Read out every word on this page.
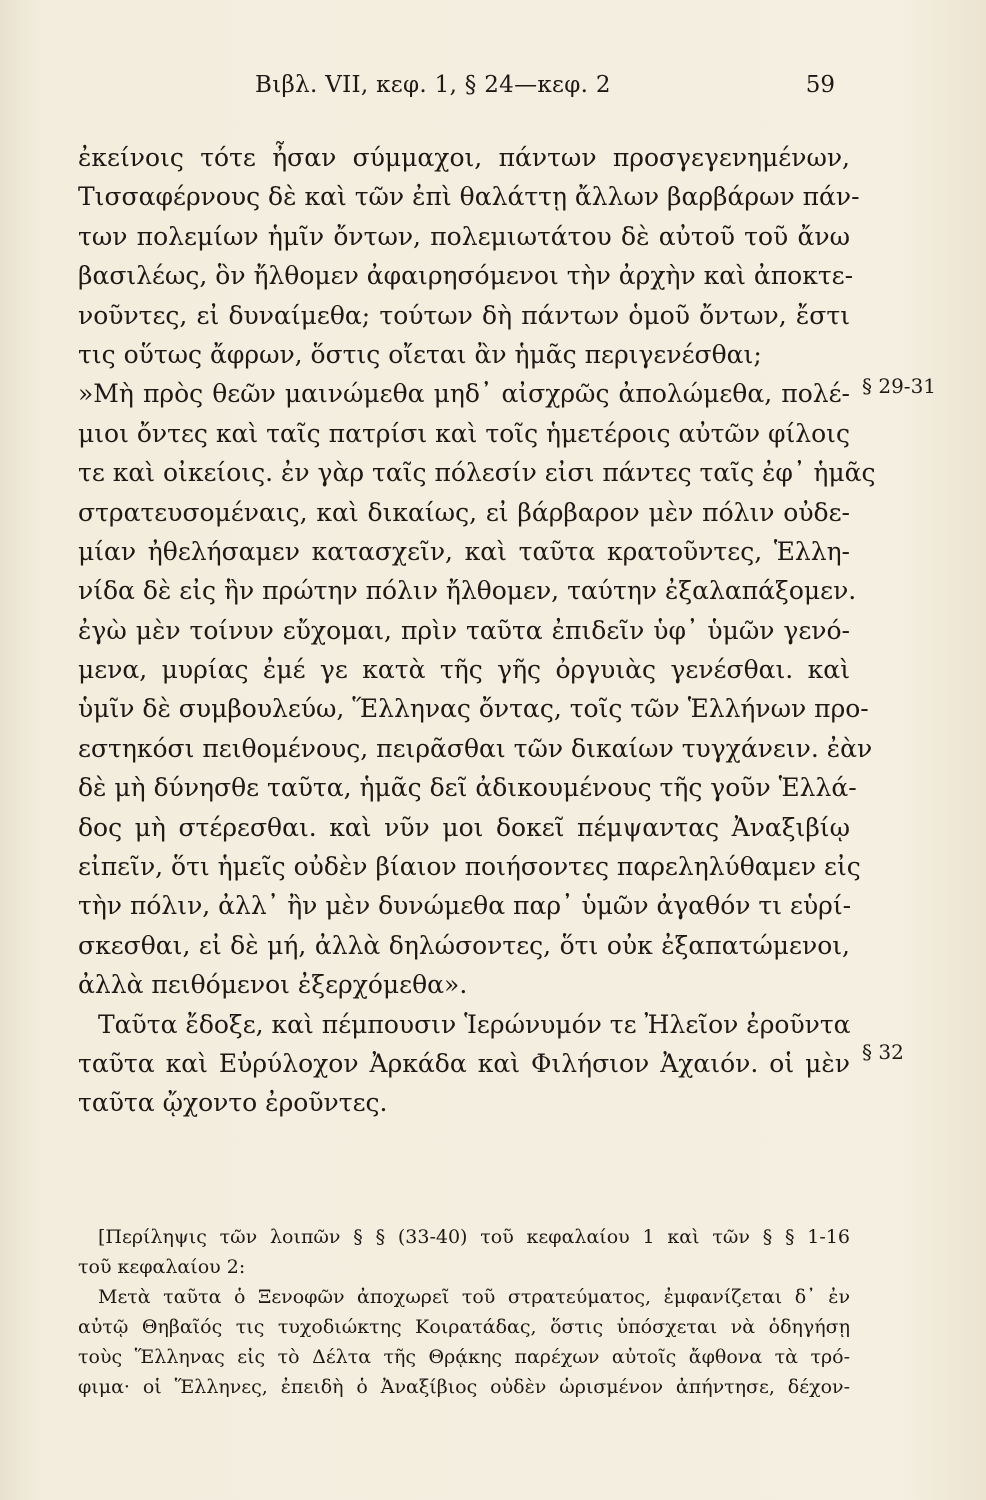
Βιβλ. VII, κεφ. 1, § 24—κεφ. 2	59
ἐκείνοις τότε ἦσαν σύμμαχοι, πάντων προσγεγενημένων,
Τισσαφέρνους δὲ καὶ τῶν ἐπὶ θαλάττῃ ἄλλων βαρβάρων πάν-
των πολεμίων ἡμῖν ὄντων, πολεμιωτάτου δὲ αὐτοῦ τοῦ ἄνω
βασιλέως, ὃν ἤλθομεν ἀφαιρησόμενοι τὴν ἀρχὴν καὶ ἀποκτε-
νοῦντες, εἰ δυναίμεθα; τούτων δὴ πάντων ὁμοῦ ὄντων, ἔστι
τις οὕτως ἄφρων, ὅστις οἴεται ἂν ἡμᾶς περιγενέσθαι;
»Μὴ πρὸς θεῶν μαινώμεθα μηδ᾽ αἰσχρῶς ἀπολώμεθα, πολέ-
μιοι ὄντες καὶ ταῖς πατρίσι καὶ τοῖς ἡμετέροις αὐτῶν φίλοις
τε καὶ οἰκείοις. ἐν γὰρ ταῖς πόλεσίν εἰσι πάντες ταῖς ἐφ᾽ ἡμᾶς
στρατευσομέναις, καὶ δικαίως, εἰ βάρβαρον μὲν πόλιν οὐδε-
μίαν ἠθελήσαμεν κατασχεῖν, καὶ ταῦτα κρατοῦντες, Ἑλλη-
νίδα δὲ εἰς ἣν πρώτην πόλιν ἤλθομεν, ταύτην ἐξαλαπάξομεν.
ἐγὼ μὲν τοίνυν εὔχομαι, πρὶν ταῦτα ἐπιδεῖν ὑφ᾽ ὑμῶν γενό-
μενα, μυρίας ἐμέ γε κατὰ τῆς γῆς ὀργυιὰς γενέσθαι. καὶ
ὑμῖν δὲ συμβουλεύω, Ἕλληνας ὄντας, τοῖς τῶν Ἑλλήνων προ-
εστηκόσι πειθομένους, πειρᾶσθαι τῶν δικαίων τυγχάνειν. ἐὰν
δὲ μὴ δύνησθε ταῦτα, ἡμᾶς δεῖ ἀδικουμένους τῆς γοῦν Ἑλλά-
δος μὴ στέρεσθαι. καὶ νῦν μοι δοκεῖ πέμψαντας Ἀναξιβίῳ
εἰπεῖν, ὅτι ἡμεῖς οὐδὲν βίαιον ποιήσοντες παρεληλύθαμεν εἰς
τὴν πόλιν, ἀλλ᾽ ἢν μὲν δυνώμεθα παρ᾽ ὑμῶν ἀγαθόν τι εὑρί-
σκεσθαι, εἰ δὲ μή, ἀλλὰ δηλώσοντες, ὅτι οὐκ ἐξαπατώμενοι,
ἀλλὰ πειθόμενοι ἐξερχόμεθα».
Ταῦτα ἔδοξε, καὶ πέμπουσιν Ἱερώνυμόν τε Ἠλεῖον ἐροῦντα
ταῦτα καὶ Εὐρύλοχον Ἀρκάδα καὶ Φιλήσιον Ἀχαιόν. οἱ μὲν
ταῦτα ᾤχοντο ἐροῦντες.
§ 29-31
§ 32
[Περίληψις τῶν λοιπῶν § § (33-40) τοῦ κεφαλαίου 1 καὶ τῶν § § 1-16
τοῦ κεφαλαίου 2:
Μετὰ ταῦτα ὁ Ξενοφῶν ἀποχωρεῖ τοῦ στρατεύματος, ἐμφανίζεται δ᾽ ἐν
αὐτῷ Θηβαῖός τις τυχοδιώκτης Κοιρατάδας, ὅστις ὑπόσχεται νὰ ὁδηγήσῃ
τοὺς Ἕλληνας εἰς τὸ Δέλτα τῆς Θρᾴκης παρέχων αὐτοῖς ἄφθονα τὰ τρό-
φιμα· οἱ Ἕλληνες, ἐπειδὴ ὁ Ἀναξίβιος οὐδὲν ὡρισμένον ἀπήντησε, δέχον-
